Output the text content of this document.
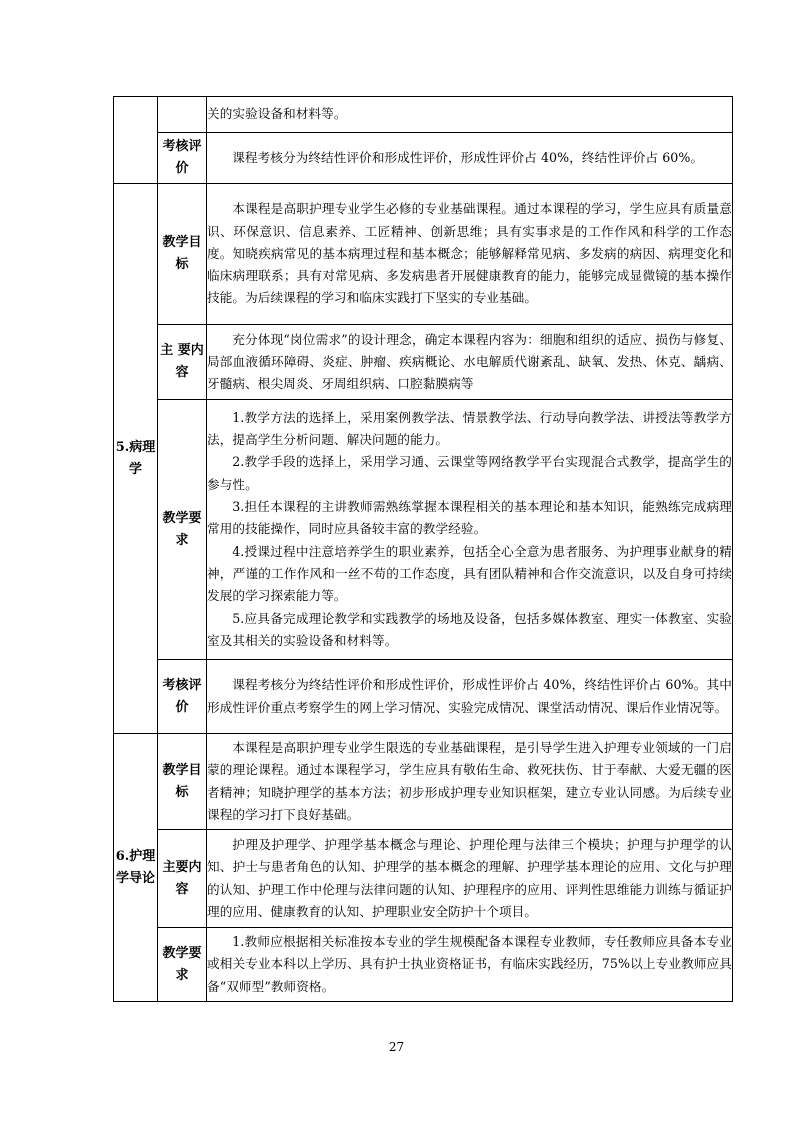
		关的实验设备和材料等。

	考核评价	课程考核分为终结性评价和形成性评价，形成性评价占 40%，终结性评价占 60%。

5.病理学	教学目标	本课程是高职护理专业学生必修的专业基础课程。通过本课程的学习，学生应具有质量意识、环保意识、信息素养、工匠精神、创新思维；具有实事求是的工作作风和科学的工作态度。知晓疾病常见的基本病理过程和基本概念；能够解释常见病、多发病的病因、病理变化和临床病理联系；具有对常见病、多发病患者开展健康教育的能力，能够完成显微镜的基本操作技能。为后续课程的学习和临床实践打下坚实的专业基础。

	主 要内容	充分体现“岗位需求”的设计理念，确定本课程内容为：细胞和组织的适应、损伤与修复、局部血液循环障碍、炎症、肿瘤、疾病概论、水电解质代谢紊乱、缺氧、发热、休克、龋病、牙髓病、根尖周炎、牙周组织病、口腔黏膜病等

	教学要求	1.教学方法的选择上，采用案例教学法、情景教学法、行动导向教学法、讲授法等教学方法，提高学生分析问题、解决问题的能力。
2.教学手段的选择上，采用学习通、云课堂等网络教学平台实现混合式教学，提高学生的参与性。
3.担任本课程的主讲教师需熟练掌握本课程相关的基本理论和基本知识，能熟练完成病理常用的技能操作，同时应具备较丰富的教学经验。
4.授课过程中注意培养学生的职业素养，包括全心全意为患者服务、为护理事业献身的精神，严谨的工作作风和一丝不苟的工作态度，具有团队精神和合作交流意识，以及自身可持续发展的学习探索能力等。
5.应具备完成理论教学和实践教学的场地及设备，包括多媒体教室、理实一体教室、实验室及其相关的实验设备和材料等。

	考核评价	课程考核分为终结性评价和形成性评价，形成性评价占 40%，终结性评价占 60%。其中形成性评价重点考察学生的网上学习情况、实验完成情况、课堂活动情况、课后作业情况等。

6.护理学导论	教学目标	本课程是高职护理专业学生限选的专业基础课程，是引导学生进入护理专业领域的一门启蒙的理论课程。通过本课程学习，学生应具有敬佑生命、救死扶伤、甘于奉献、大爱无疆的医者精神；知晓护理学的基本方法；初步形成护理专业知识框架，建立专业认同感。为后续专业课程的学习打下良好基础。

	主要内容	护理及护理学、护理学基本概念与理论、护理伦理与法律三个模块；护理与护理学的认知、护士与患者角色的认知、护理学的基本概念的理解、护理学基本理论的应用、文化与护理的认知、护理工作中伦理与法律问题的认知、护理程序的应用、评判性思维能力训练与循证护理的应用、健康教育的认知、护理职业安全防护十个项目。

	教学要求	1.教师应根据相关标准按本专业的学生规模配备本课程专业教师，专任教师应具备本专业或相关专业本科以上学历、具有护士执业资格证书，有临床实践经历，75%以上专业教师应具备“双师型”教师资格。
27
